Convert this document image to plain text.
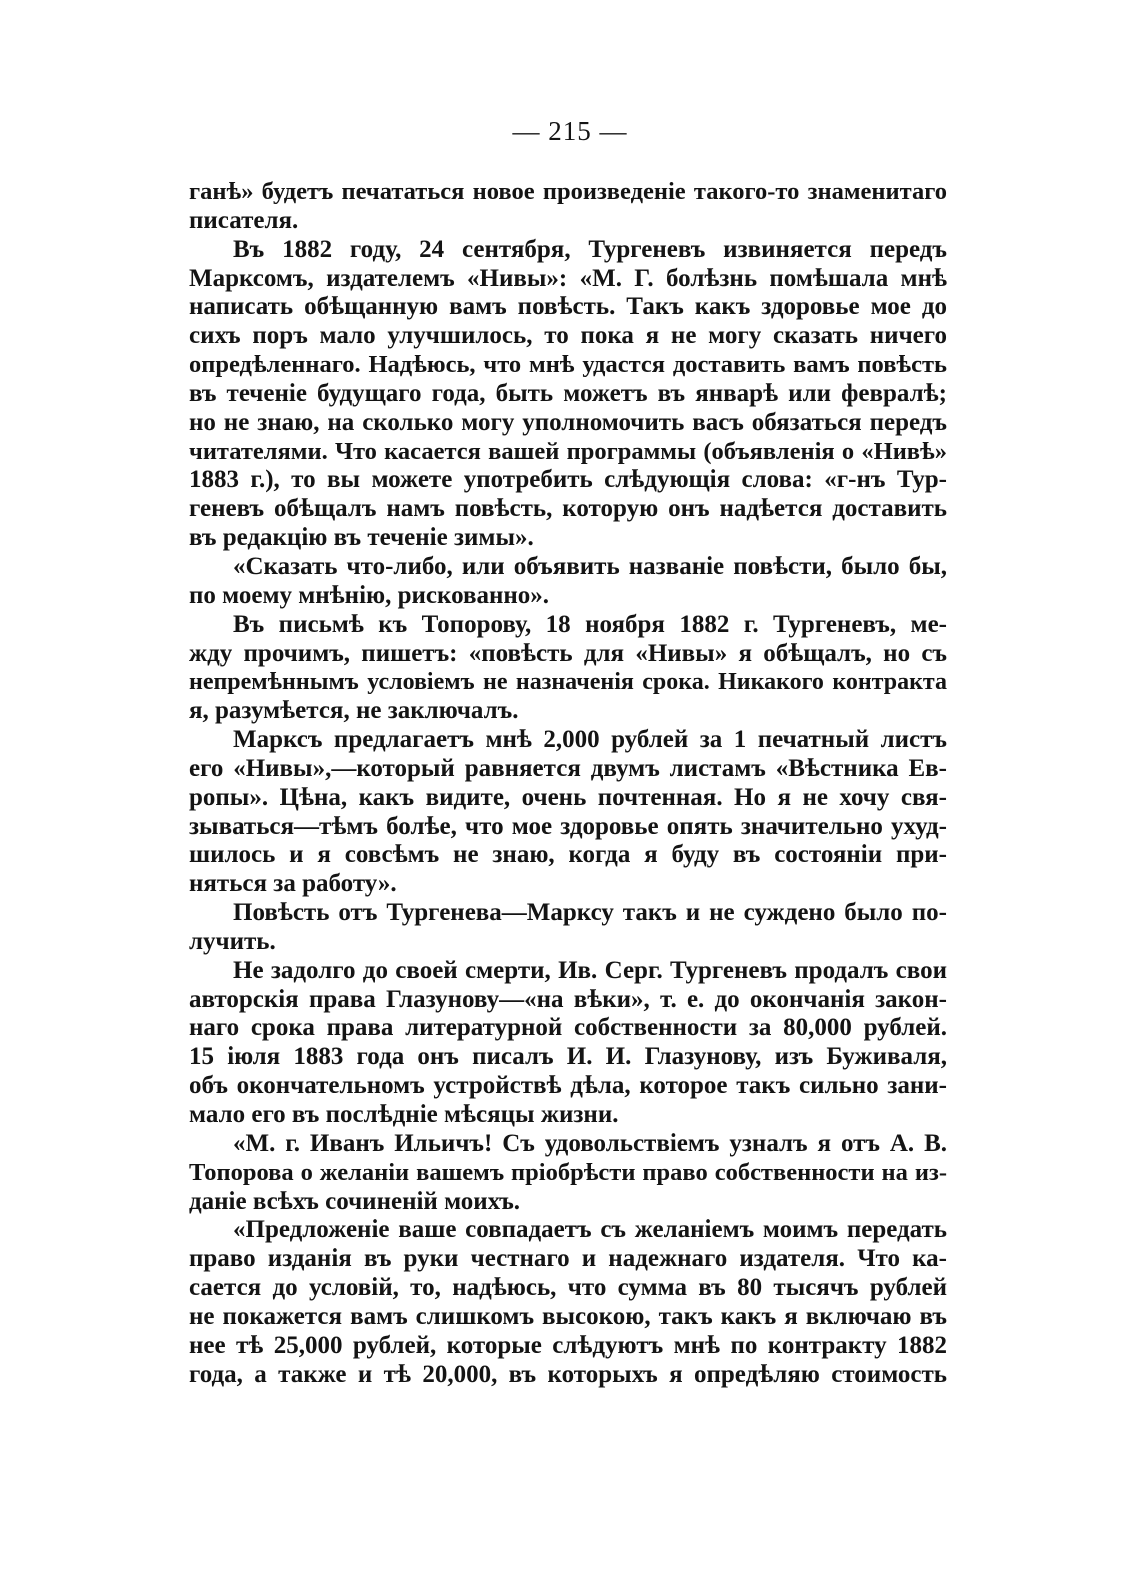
— 215 —
ганѣ» будетъ печататься новое произведеніе такого-то знаменитаго
писателя.
Въ 1882 году, 24 сентября, Тургеневъ извиняется передъ
Марксомъ, издателемъ «Нивы»: «М. Г. болѣзнь помѣшала мнѣ
написать обѣщанную вамъ повѣсть. Такъ какъ здоровье мое до
сихъ поръ мало улучшилось, то пока я не могу сказать ничего
опредѣленнаго. Надѣюсь, что мнѣ удастся доставить вамъ повѣсть
въ теченіе будущаго года, быть можетъ въ январѣ или февралѣ;
но не знаю, на сколько могу уполномочить васъ обязаться передъ
читателями. Что касается вашей программы (объявленія о «Нивѣ»
1883 г.), то вы можете употребить слѣдующія слова: «г-нъ Тур-
геневъ обѣщалъ намъ повѣсть, которую онъ надѣется доставить
въ редакцію въ теченіе зимы».
«Сказать что-либо, или объявить названіе повѣсти, было бы,
по моему мнѣнію, рискованно».
Въ письмѣ къ Топорову, 18 ноября 1882 г. Тургеневъ, ме-
жду прочимъ, пишетъ: «повѣсть для «Нивы» я обѣщалъ, но съ
непремѣннымъ условіемъ не назначенія срока. Никакого контракта
я, разумѣется, не заключалъ.
Марксъ предлагаетъ мнѣ 2,000 рублей за 1 печатный листъ
его «Нивы»,—который равняется двумъ листамъ «Вѣстника Ев-
ропы». Цѣна, какъ видите, очень почтенная. Но я не хочу свя-
зываться—тѣмъ болѣе, что мое здоровье опять значительно ухуд-
шилось и я совсѣмъ не знаю, когда я буду въ состояніи при-
няться за работу».
Повѣсть отъ Тургенева—Марксу такъ и не суждено было по-
лучить.
Не задолго до своей смерти, Ив. Серг. Тургеневъ продалъ свои
авторскія права Глазунову—«на вѣки», т. е. до окончанія закон-
наго срока права литературной собственности за 80,000 рублей.
15 іюля 1883 года онъ писалъ И. И. Глазунову, изъ Буживаля,
объ окончательномъ устройствѣ дѣла, которое такъ сильно зани-
мало его въ послѣдніе мѣсяцы жизни.
«М. г. Иванъ Ильичъ! Съ удовольствіемъ узналъ я отъ А. В.
Топорова о желаніи вашемъ пріобрѣсти право собственности на из-
даніе всѣхъ сочиненій моихъ.
«Предложеніе ваше совпадаетъ съ желаніемъ моимъ передать
право изданія въ руки честнаго и надежнаго издателя. Что ка-
сается до условій, то, надѣюсь, что сумма въ 80 тысячъ рублей
не покажется вамъ слишкомъ высокою, такъ какъ я включаю въ
нее тѣ 25,000 рублей, которые слѣдуютъ мнѣ по контракту 1882
года, а также и тѣ 20,000, въ которыхъ я опредѣляю стоимость
